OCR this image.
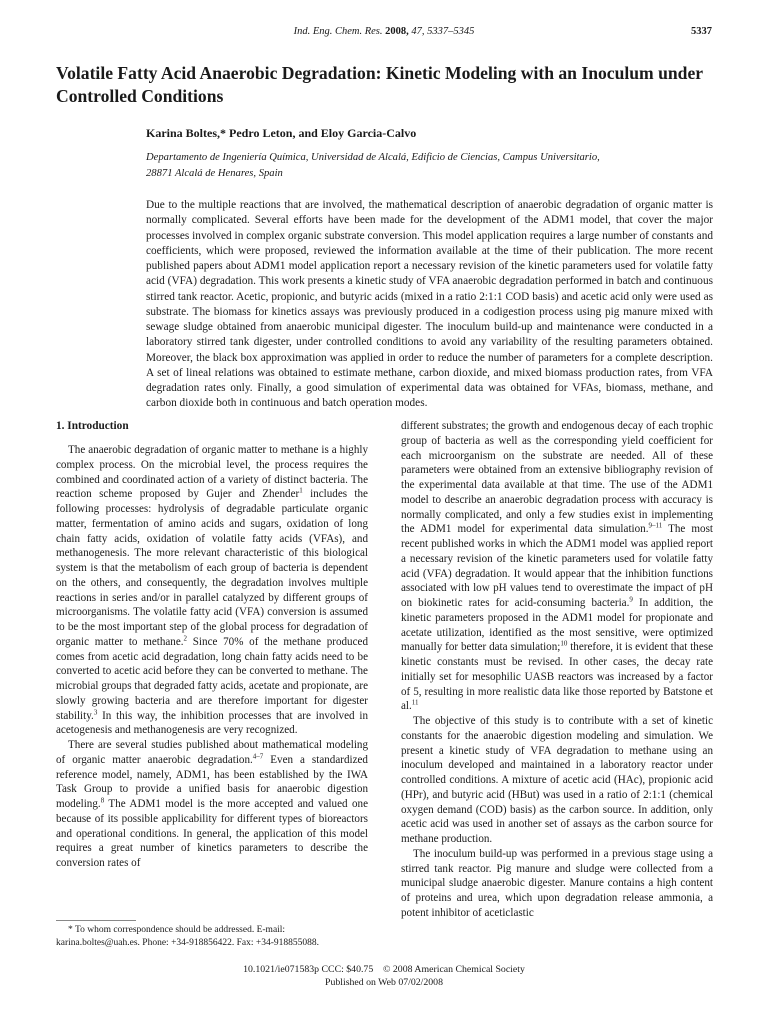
Ind. Eng. Chem. Res. 2008, 47, 5337–5345	5337
Volatile Fatty Acid Anaerobic Degradation: Kinetic Modeling with an Inoculum under Controlled Conditions
Karina Boltes,* Pedro Leton, and Eloy Garcia-Calvo
Departamento de Ingeniería Química, Universidad de Alcalá, Edificio de Ciencias, Campus Universitario,
28871 Alcalá de Henares, Spain

Due to the multiple reactions that are involved, the mathematical description of anaerobic degradation of organic matter is normally complicated. Several efforts have been made for the development of the ADM1 model, that cover the major processes involved in complex organic substrate conversion. This model application requires a large number of constants and coefficients, which were proposed, reviewed the information available at the time of their publication. The more recent published papers about ADM1 model application report a necessary revision of the kinetic parameters used for volatile fatty acid (VFA) degradation. This work presents a kinetic study of VFA anaerobic degradation performed in batch and continuous stirred tank reactor. Acetic, propionic, and butyric acids (mixed in a ratio 2:1:1 COD basis) and acetic acid only were used as substrate. The biomass for kinetics assays was previously produced in a codigestion process using pig manure mixed with sewage sludge obtained from anaerobic municipal digester. The inoculum build-up and maintenance were conducted in a laboratory stirred tank digester, under controlled conditions to avoid any variability of the resulting parameters obtained. Moreover, the black box approximation was applied in order to reduce the number of parameters for a complete description. A set of lineal relations was obtained to estimate methane, carbon dioxide, and mixed biomass production rates, from VFA degradation rates only. Finally, a good simulation of experimental data was obtained for VFAs, biomass, methane, and carbon dioxide both in continuous and batch operation modes.

1. Introduction

The anaerobic degradation of organic matter to methane is a highly complex process. On the microbial level, the process requires the combined and coordinated action of a variety of distinct bacteria. The reaction scheme proposed by Gujer and Zhender$^1$ includes the following processes: hydrolysis of degradable particulate organic matter, fermentation of amino acids and sugars, oxidation of long chain fatty acids, oxidation of volatile fatty acids (VFAs), and methanogenesis. The more relevant characteristic of this biological system is that the metabolism of each group of bacteria is dependent on the others, and consequently, the degradation involves multiple reactions in series and/or in parallel catalyzed by different groups of microorganisms. The volatile fatty acid (VFA) conversion is assumed to be the most important step of the global process for degradation of organic matter to methane.$^2$ Since 70% of the methane produced comes from acetic acid degradation, long chain fatty acids need to be converted to acetic acid before they can be converted to methane. The microbial groups that degraded fatty acids, acetate and propionate, are slowly growing bacteria and are therefore important for digester stability.$^3$ In this way, the inhibition processes that are involved in acetogenesis and methanogenesis are very recognized.

There are several studies published about mathematical modeling of organic matter anaerobic degradation.$^{4-7}$ Even a standardized reference model, namely, ADM1, has been established by the IWA Task Group to provide a unified basis for anaerobic digestion modeling.$^8$ The ADM1 model is the more accepted and valued one because of its possible applicability for different types of bioreactors and operational conditions. In general, the application of this model requires a great number of kinetics parameters to describe the conversion rates of

different substrates; the growth and endogenous decay of each trophic group of bacteria as well as the corresponding yield coefficient for each microorganism on the substrate are needed. All of these parameters were obtained from an extensive bibliography revision of the experimental data available at that time. The use of the ADM1 model to describe an anaerobic degradation process with accuracy is normally complicated, and only a few studies exist in implementing the ADM1 model for experimental data simulation.$^{9-11}$ The most recent published works in which the ADM1 model was applied report a necessary revision of the kinetic parameters used for volatile fatty acid (VFA) degradation. It would appear that the inhibition functions associated with low pH values tend to overestimate the impact of pH on biokinetic rates for acid-consuming bacteria.$^9$ In addition, the kinetic parameters proposed in the ADM1 model for propionate and acetate utilization, identified as the most sensitive, were optimized manually for better data simulation;$^{10}$ therefore, it is evident that these kinetic constants must be revised. In other cases, the decay rate initially set for mesophilic UASB reactors was increased by a factor of 5, resulting in more realistic data like those reported by Batstone et al.$^{11}$

The objective of this study is to contribute with a set of kinetic constants for the anaerobic digestion modeling and simulation. We present a kinetic study of VFA degradation to methane using an inoculum developed and maintained in a laboratory reactor under controlled conditions. A mixture of acetic acid (HAc), propionic acid (HPr), and butyric acid (HBut) was used in a ratio of 2:1:1 (chemical oxygen demand (COD) basis) as the carbon source. In addition, only acetic acid was used in another set of assays as the carbon source for methane production.

The inoculum build-up was performed in a previous stage using a stirred tank reactor. Pig manure and sludge were collected from a municipal sludge anaerobic digester. Manure contains a high content of proteins and urea, which upon degradation release ammonia, a potent inhibitor of aceticlastic

* To whom correspondence should be addressed. E-mail:

karina.boltes@uah.es. Phone: +34-918856422. Fax: +34-918855088.
10.1021/ie071583p CCC: $40.75 © 2008 American Chemical Society
Published on Web 07/02/2008
